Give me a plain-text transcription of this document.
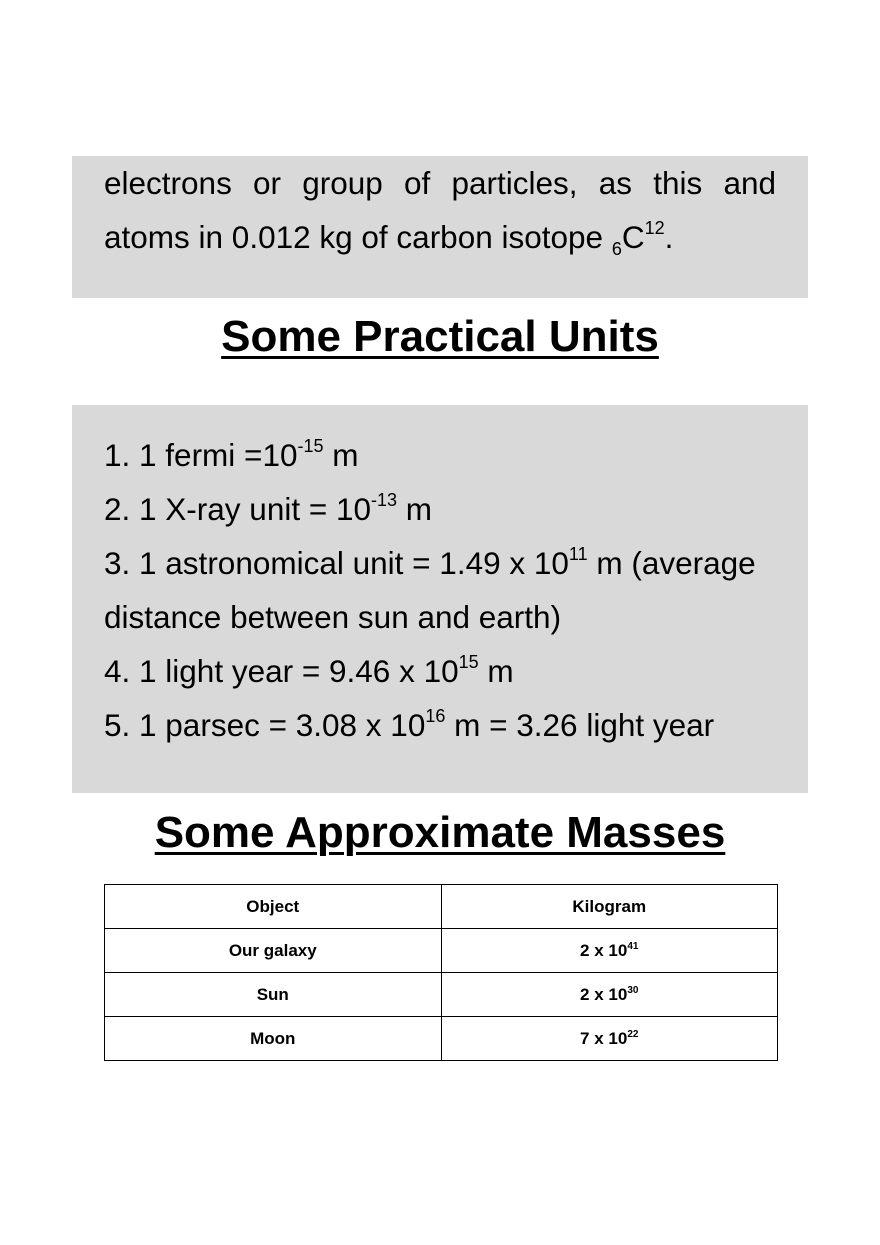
electrons or group of particles, as this and

atoms in 0.012 kg of carbon isotope $_6C^{12}$.

Some Practical Units
1. 1 fermi $=10^{-15}$ m
2. 1 X-ray unit = $10^{-13}$ m
3. 1 astronomical unit = 1.49 x $10^{11}$ m (average
distance between sun and earth)
4. 1 light year = 9.46 x $10^{15}$ m
5. 1 parsec = 3.08 x $10^{16}$ m = 3.26 light year
Some Approximate Masses
Object	Kilogram
Our galaxy	2 x $10^{41}$
Sun	2 x $10^{30}$
Moon	7 x $10^{22}$
